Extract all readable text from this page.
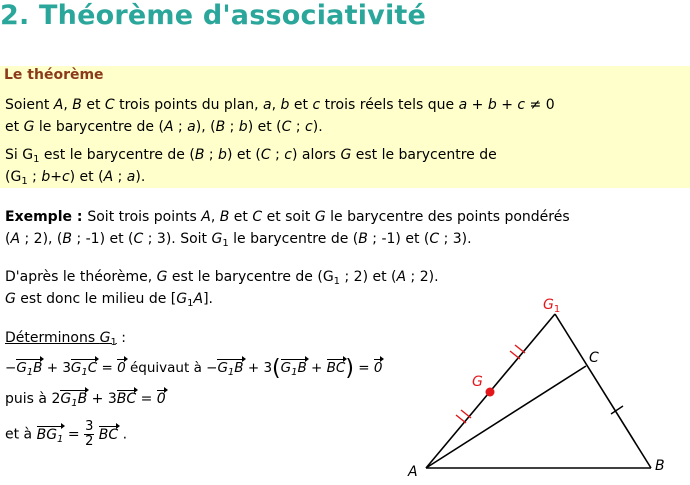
2. Théorème d'associativité
Le théorème
Soient A, B et C trois points du plan, a, b et c trois réels tels que a + b + c ≠ 0
et G le barycentre de (A ; a), (B ; b) et (C ; c).
Si $G_1$ est le barycentre de (B ; b) et (C ; c) alors G est le barycentre de
($G_1$ ; b+c) et (A ; a).
Exemple : Soit trois points A, B et C et soit G le barycentre des points pondérés
(A ; 2), (B ; -1) et (C ; 3). Soit $G_1$ le barycentre de (B ; -1) et (C ; 3).
D'après le théorème, G est le barycentre de ($G_1$ ; 2) et (A ; 2).
G est donc le milieu de $[G_1A]$.
Déterminons $G_1$ :
$-G_1B + 3G_1C = 0$ équivaut à $-G_1B + 3(G_1B + BC) = 0$
puis à $2G_1B + 3BC = 0$
et à $BG_1 = \frac{3}{2}$ BC .
A	B
C
G
$G_1$
